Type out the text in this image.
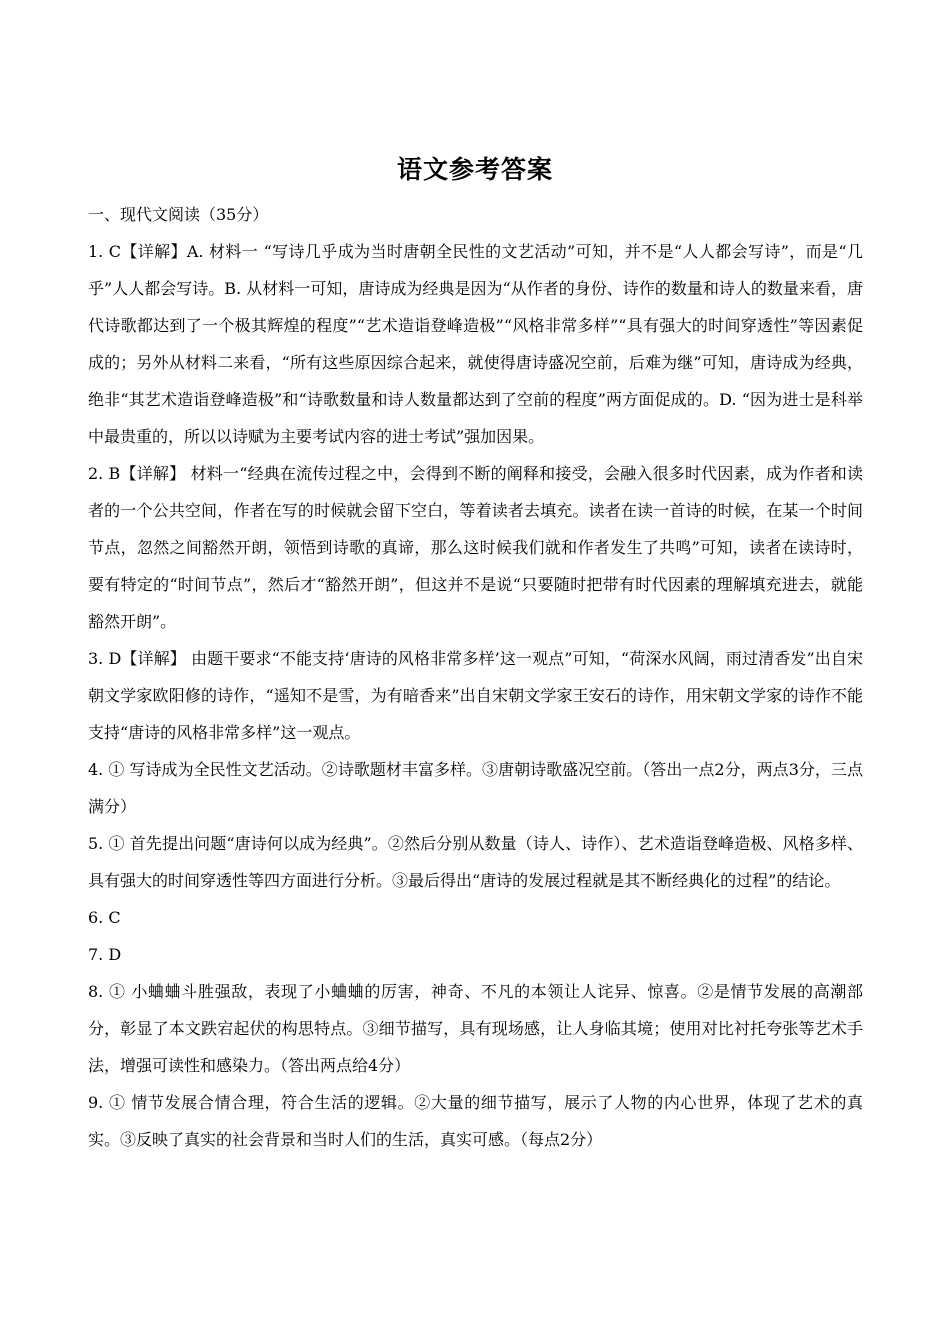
语文参考答案
一、现代文阅读（35分）
1. C【详解】A. 材料一 “写诗几乎成为当时唐朝全民性的文艺活动”可知，并不是“人人都会写诗”，而是“几乎”人人都会写诗。B. 从材料一可知，唐诗成为经典是因为“从作者的身份、诗作的数量和诗人的数量来看，唐代诗歌都达到了一个极其辉煌的程度”“艺术造诣登峰造极”“风格非常多样”“具有强大的时间穿透性”等因素促成的；另外从材料二来看，“所有这些原因综合起来，就使得唐诗盛况空前，后难为继”可知，唐诗成为经典，绝非“其艺术造诣登峰造极”和“诗歌数量和诗人数量都达到了空前的程度”两方面促成的。D. “因为进士是科举中最贵重的，所以以诗赋为主要考试内容的进士考试”强加因果。
2. B【详解】 材料一“经典在流传过程之中，会得到不断的阐释和接受，会融入很多时代因素，成为作者和读者的一个公共空间，作者在写的时候就会留下空白，等着读者去填充。读者在读一首诗的时候，在某一个时间节点，忽然之间豁然开朗，领悟到诗歌的真谛，那么这时候我们就和作者发生了共鸣”可知，读者在读诗时，要有特定的“时间节点”，然后才“豁然开朗”，但这并不是说“只要随时把带有时代因素的理解填充进去，就能豁然开朗”。
3. D【详解】 由题干要求“不能支持‘唐诗的风格非常多样’这一观点”可知，“荷深水风阔，雨过清香发”出自宋朝文学家欧阳修的诗作，“遥知不是雪，为有暗香来”出自宋朝文学家王安石的诗作，用宋朝文学家的诗作不能支持“唐诗的风格非常多样”这一观点。
4. ① 写诗成为全民性文艺活动。②诗歌题材丰富多样。③唐朝诗歌盛况空前。（答出一点2分，两点3分，三点满分）
5. ① 首先提出问题“唐诗何以成为经典”。②然后分别从数量（诗人、诗作）、艺术造诣登峰造极、风格多样、具有强大的时间穿透性等四方面进行分析。③最后得出“唐诗的发展过程就是其不断经典化的过程”的结论。
6. C
7. D
8. ① 小蛐蛐斗胜强敌，表现了小蛐蛐的厉害，神奇、不凡的本领让人诧异、惊喜。②是情节发展的高潮部分，彰显了本文跌宕起伏的构思特点。③细节描写，具有现场感，让人身临其境；使用对比衬托夸张等艺术手法，增强可读性和感染力。（答出两点给4分）
9. ① 情节发展合情合理，符合生活的逻辑。②大量的细节描写，展示了人物的内心世界，体现了艺术的真实。③反映了真实的社会背景和当时人们的生活，真实可感。（每点2分）
